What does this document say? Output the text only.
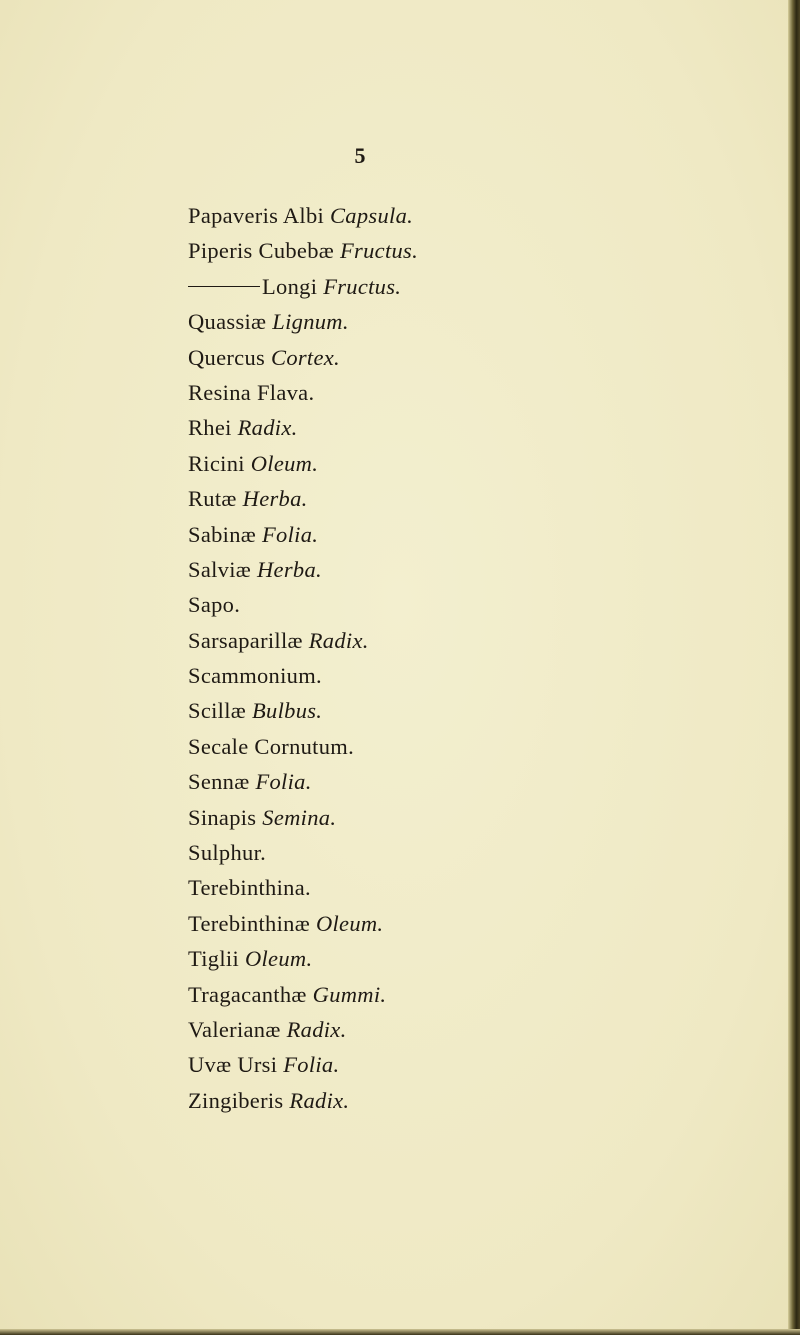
5
Papaveris Albi Capsula.
Piperis Cubebæ Fructus.
Longi Fructus.
Quassiæ Lignum.
Quercus Cortex.
Resina Flava.
Rhei Radix.
Ricini Oleum.
Rutæ Herba.
Sabinæ Folia.
Salviæ Herba.
Sapo.
Sarsaparillæ Radix.
Scammonium.
Scillæ Bulbus.
Secale Cornutum.
Sennæ Folia.
Sinapis Semina.
Sulphur.
Terebinthina.
Terebinthinæ Oleum.
Tiglii Oleum.
Tragacanthæ Gummi.
Valerianæ Radix.
Uvæ Ursi Folia.
Zingiberis Radix.
